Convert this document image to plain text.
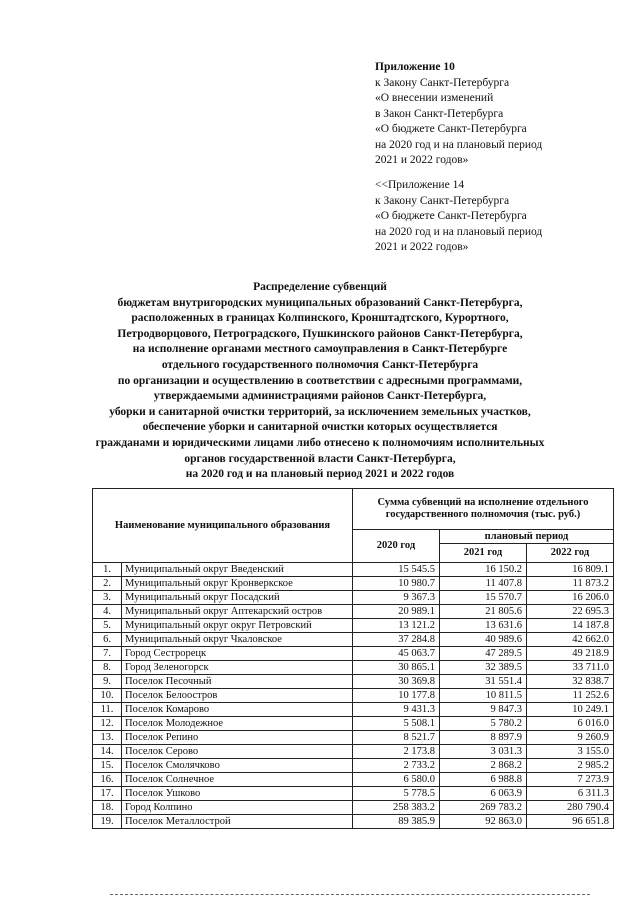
Приложение 10
к Закону Санкт-Петербурга
«О внесении изменений
в Закон Санкт-Петербурга
«О бюджете Санкт-Петербурга
на 2020 год и на плановый период
2021 и 2022 годов»
<<Приложение 14
к Закону Санкт-Петербурга
«О бюджете Санкт-Петербурга
на 2020 год и на плановый период
2021 и 2022 годов»
Распределение субвенций
бюджетам внутригородских муниципальных образований Санкт-Петербурга,
расположенных в границах Колпинского, Кронштадтского, Курортного,
Петродворцового, Петроградского, Пушкинского районов Санкт-Петербурга,
на исполнение органами местного самоуправления в Санкт-Петербурге
отдельного государственного полномочия Санкт-Петербурга
по организации и осуществлению в соответствии с адресными программами,
утверждаемыми администрациями районов Санкт-Петербурга,
уборки и санитарной очистки территорий, за исключением земельных участков,
обеспечение уборки и санитарной очистки которых осуществляется
гражданами и юридическими лицами либо отнесено к полномочиям исполнительных
органов государственной власти Санкт-Петербурга,
на 2020 год и на плановый период 2021 и 2022 годов
Наименование муниципального образования		Сумма субвенций на исполнение отдельного государственного полномочия (тыс. руб.)		
		2020 год	плановый период	
			2021 год	2022 год
1.	Муниципальный округ Введенский	15 545.5	16 150.2	16 809.1
2.	Муниципальный округ Кронверкское	10 980.7	11 407.8	11 873.2
3.	Муниципальный округ Посадский	9 367.3	15 570.7	16 206.0
4.	Муниципальный округ Аптекарский остров	20 989.1	21 805.6	22 695.3
5.	Муниципальный округ округ Петровский	13 121.2	13 631.6	14 187.8
6.	Муниципальный округ Чкаловское	37 284.8	40 989.6	42 662.0
7.	Город Сестрорецк	45 063.7	47 289.5	49 218.9
8.	Город Зеленогорск	30 865.1	32 389.5	33 711.0
9.	Поселок Песочный	30 369.8	31 551.4	32 838.7
10.	Поселок Белоостров	10 177.8	10 811.5	11 252.6
11.	Поселок Комарово	9 431.3	9 847.3	10 249.1
12.	Поселок Молодежное	5 508.1	5 780.2	6 016.0
13.	Поселок Репино	8 521.7	8 897.9	9 260.9
14.	Поселок Серово	2 173.8	3 031.3	3 155.0
15.	Поселок Смолячково	2 733.2	2 868.2	2 985.2
16.	Поселок Солнечное	6 580.0	6 988.8	7 273.9
17.	Поселок Ушково	5 778.5	6 063.9	6 311.3
18.	Город Колпино	258 383.2	269 783.2	280 790.4
19.	Поселок Металлострой	89 385.9	92 863.0	96 651.8
